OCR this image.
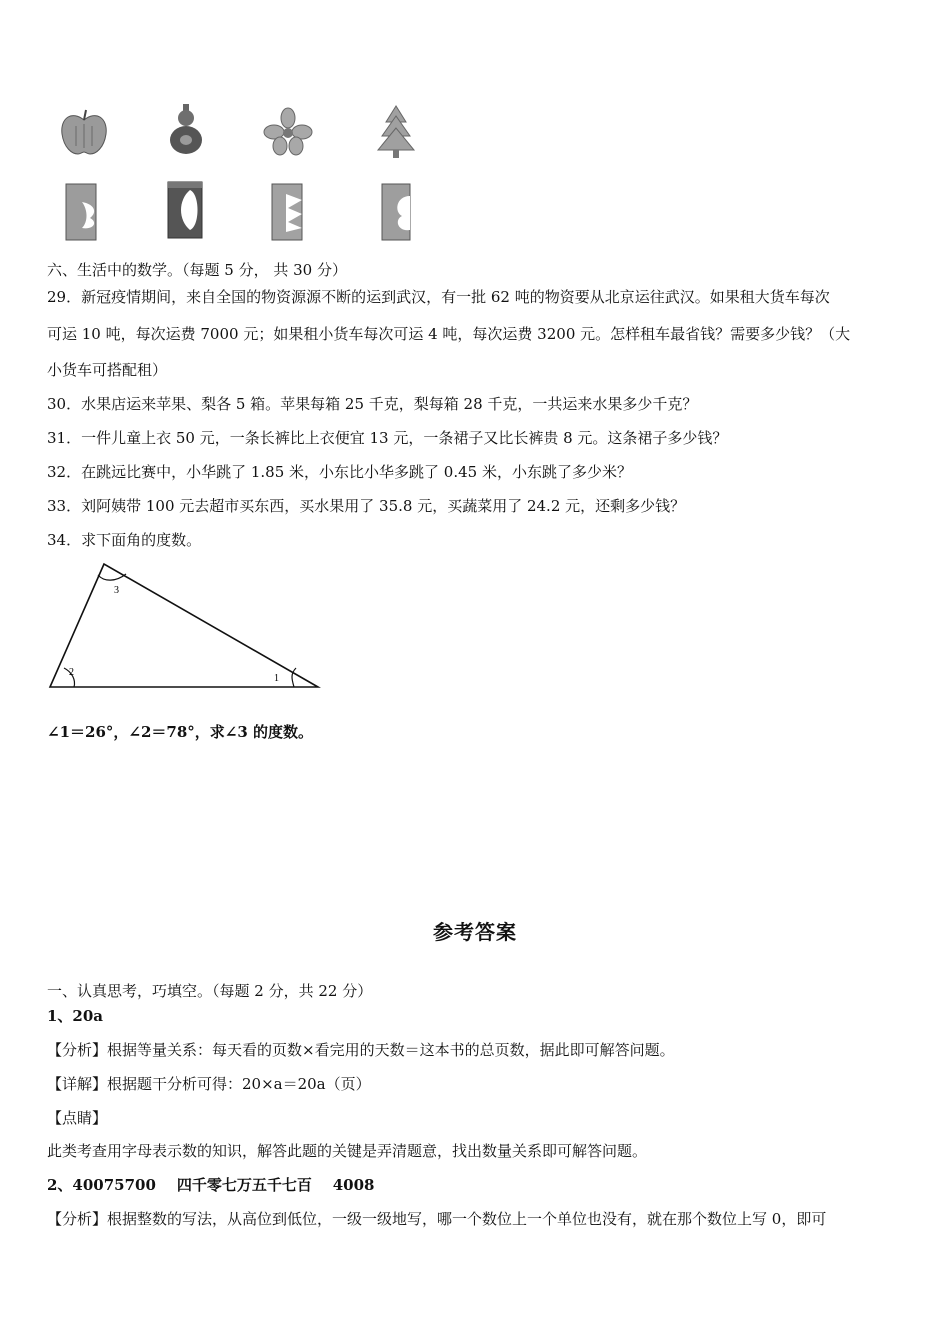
六、生活中的数学。（每题 5 分， 共 30 分）
29．新冠疫情期间，来自全国的物资源源不断的运到武汉，有一批 62 吨的物资要从北京运往武汉。如果租大货车每次
可运 10 吨，每次运费 7000 元；如果租小货车每次可运 4 吨，每次运费 3200 元。怎样租车最省钱？需要多少钱？（大
小货车可搭配租）
30．水果店运来苹果、梨各 5 箱。苹果每箱 25 千克，梨每箱 28 千克，一共运来水果多少千克？
31．一件儿童上衣 50 元，一条长裤比上衣便宜 13 元，一条裙子又比长裤贵 8 元。这条裙子多少钱？
32．在跳远比赛中，小华跳了 1.85 米，小东比小华多跳了 0.45 米，小东跳了多少米？
33．刘阿姨带 100 元去超市买东西，买水果用了 35.8 元，买蔬菜用了 24.2 元，还剩多少钱？
34．求下面角的度数。
3
2
1
∠1＝26°，∠2＝78°，求∠3 的度数。
参考答案
一、认真思考，巧填空。（每题 2 分，共 22 分）
1、20a
【分析】根据等量关系：每天看的页数×看完用的天数＝这本书的总页数，据此即可解答问题。
【详解】根据题干分析可得：20×a＝20a（页）
【点睛】
此类考查用字母表示数的知识，解答此题的关键是弄清题意，找出数量关系即可解答问题。
2、40075700    四千零七万五千七百    4008
【分析】根据整数的写法，从高位到低位，一级一级地写，哪一个数位上一个单位也没有，就在那个数位上写 0，即可
